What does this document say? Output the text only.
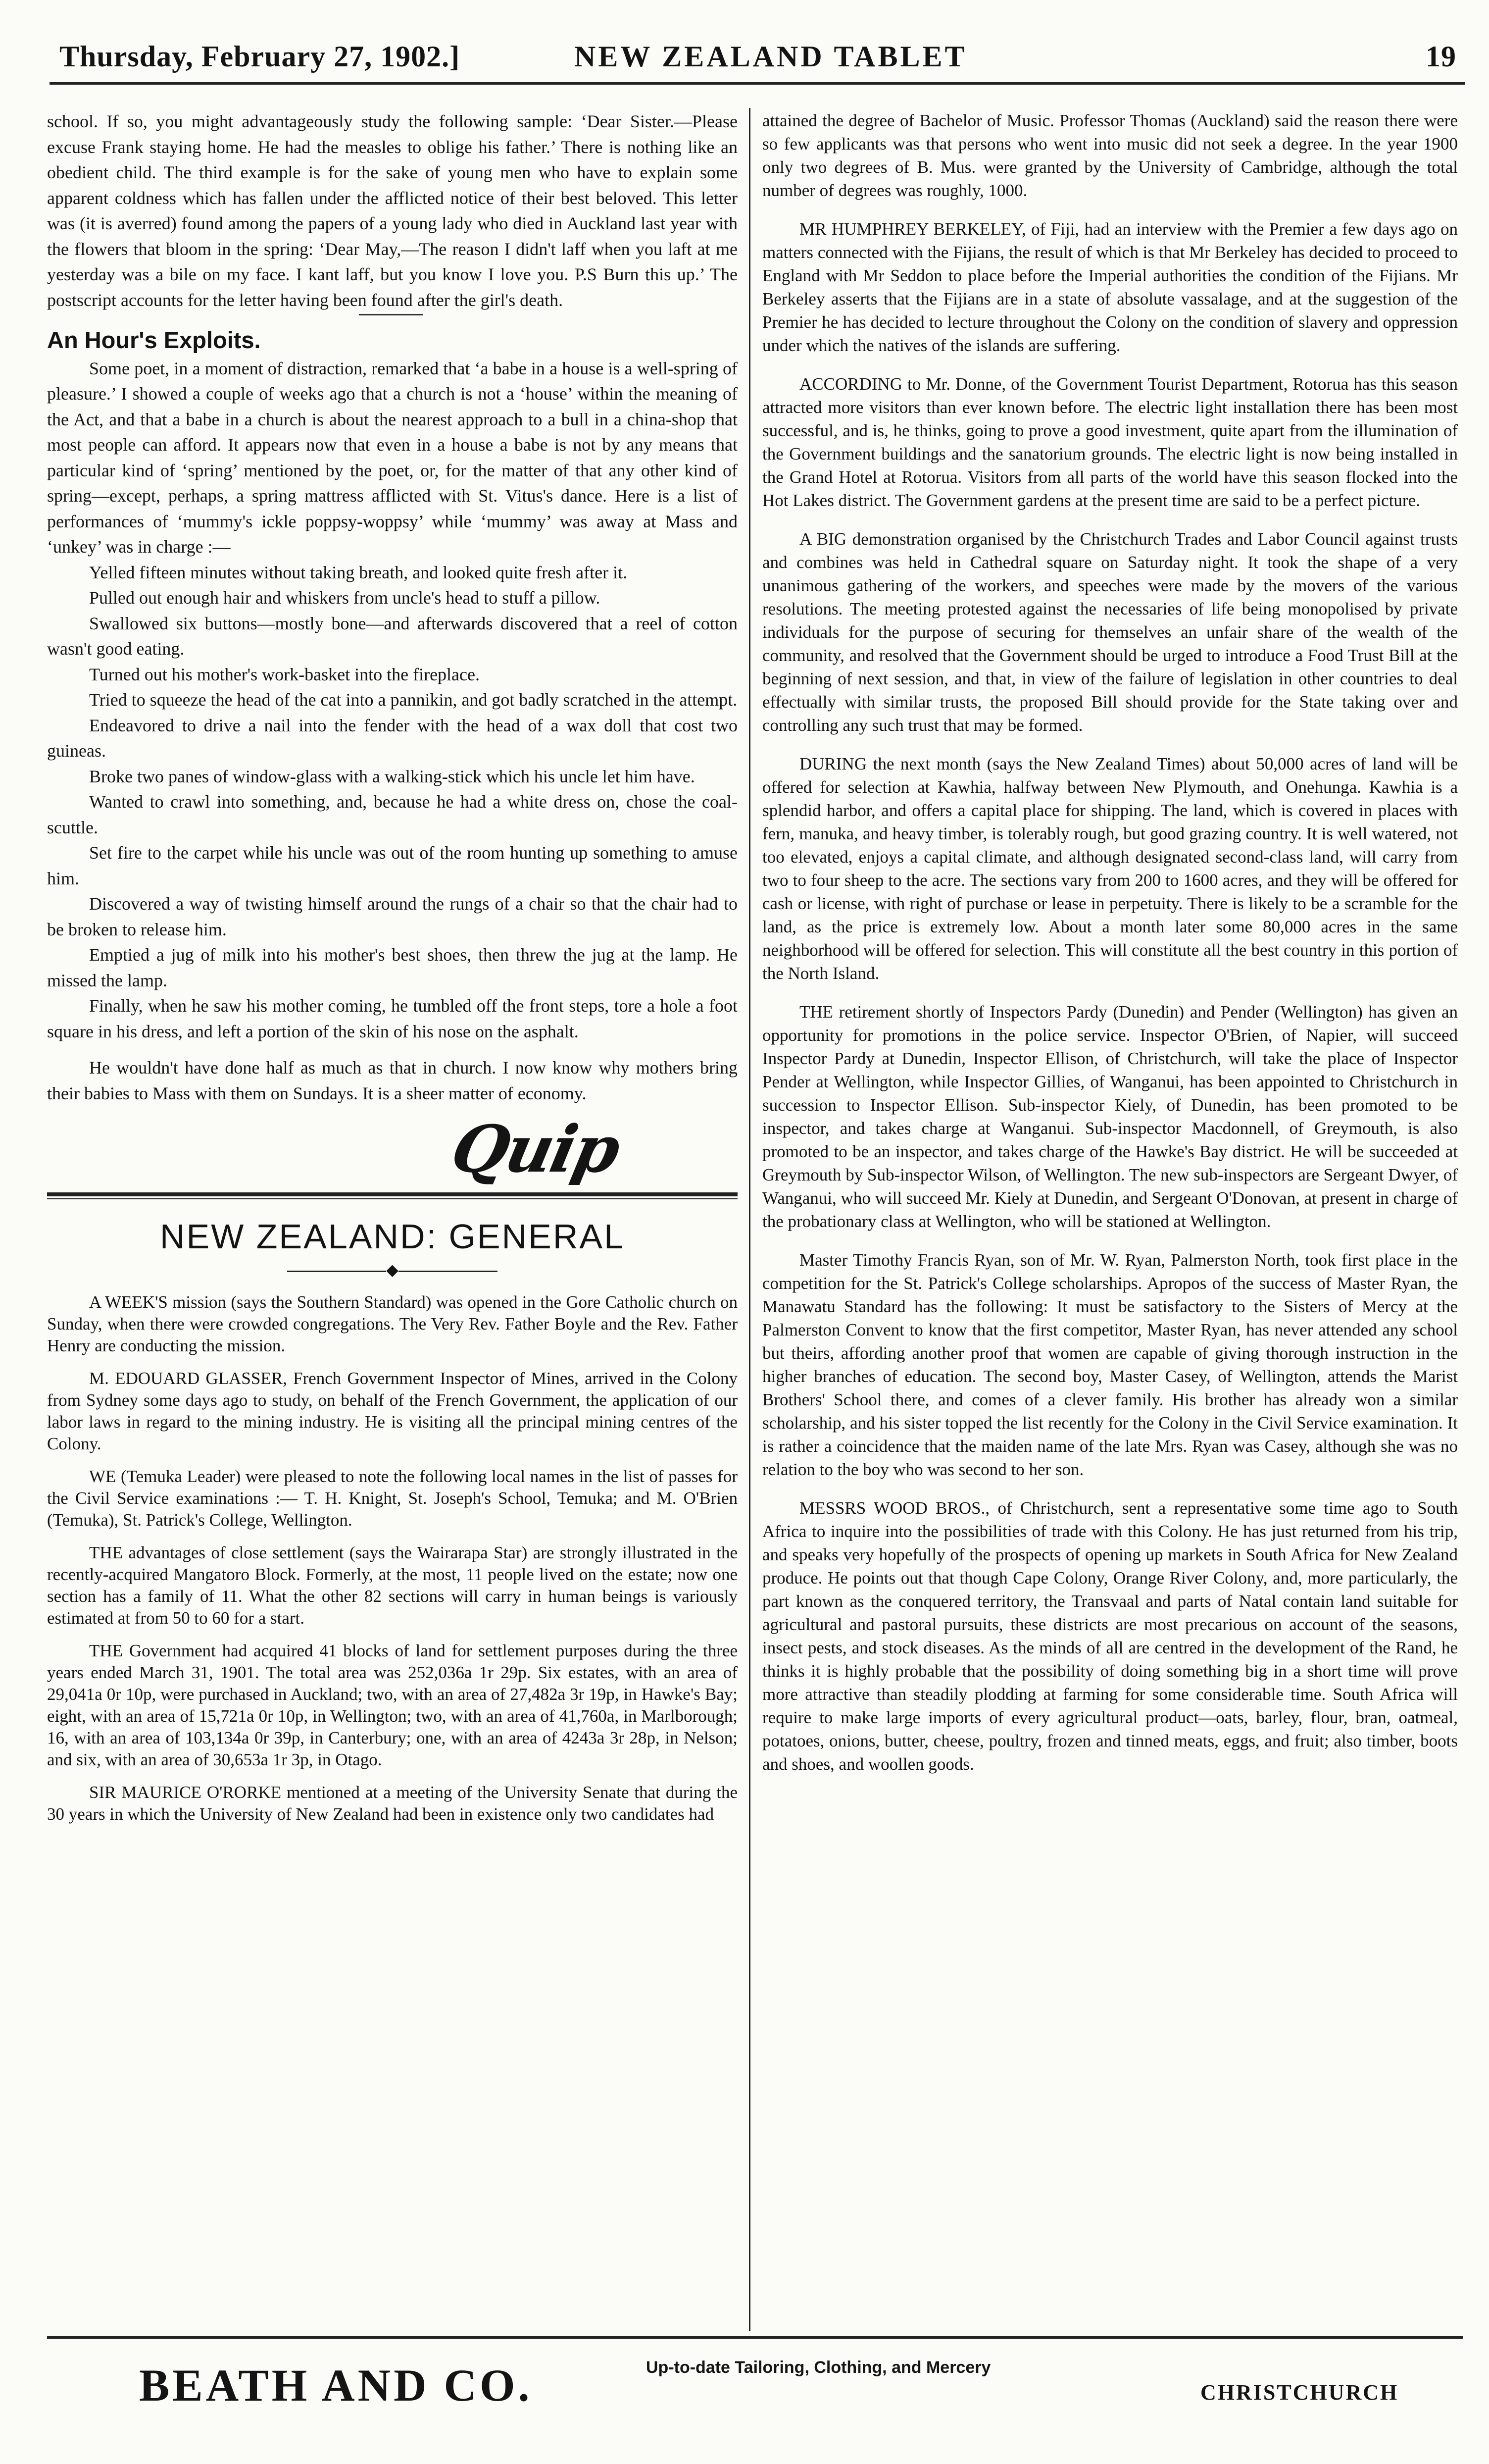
Thursday, February 27, 1902.]	NEW ZEALAND TABLET	19

school. If so, you might advantageously study the following sample: ‘Dear Sister.—Please excuse Frank staying home. He had the measles to oblige his father.’ There is nothing like an obedient child. The third example is for the sake of young men who have to explain some apparent coldness which has fallen under the afflicted notice of their best beloved. This letter was (it is averred) found among the papers of a young lady who died in Auckland last year with the flowers that bloom in the spring: ‘Dear May,—The reason I didn't laff when you laft at me yesterday was a bile on my face. I kant laff, but you know I love you. P.S Burn this up.’ The postscript accounts for the letter having been found after the girl's death.

An Hour's Exploits.

Some poet, in a moment of distraction, remarked that ‘a babe in a house is a well-spring of pleasure.’ I showed a couple of weeks ago that a church is not a ‘house’ within the meaning of the Act, and that a babe in a church is about the nearest approach to a bull in a china-shop that most people can afford. It appears now that even in a house a babe is not by any means that particular kind of ‘spring’ mentioned by the poet, or, for the matter of that any other kind of spring—except, perhaps, a spring mattress afflicted with St. Vitus's dance. Here is a list of performances of ‘mummy's ickle poppsy-woppsy’ while ‘mummy’ was away at Mass and ‘unkey’ was in charge :—

Yelled fifteen minutes without taking breath, and looked quite fresh after it.

Pulled out enough hair and whiskers from uncle's head to stuff a pillow.

Swallowed six buttons—mostly bone—and afterwards discovered that a reel of cotton wasn't good eating.

Turned out his mother's work-basket into the fireplace.

Tried to squeeze the head of the cat into a pannikin, and got badly scratched in the attempt.

Endeavored to drive a nail into the fender with the head of a wax doll that cost two guineas.

Broke two panes of window-glass with a walking-stick which his uncle let him have.

Wanted to crawl into something, and, because he had a white dress on, chose the coal-scuttle.

Set fire to the carpet while his uncle was out of the room hunting up something to amuse him.

Discovered a way of twisting himself around the rungs of a chair so that the chair had to be broken to release him.

Emptied a jug of milk into his mother's best shoes, then threw the jug at the lamp. He missed the lamp.

Finally, when he saw his mother coming, he tumbled off the front steps, tore a hole a foot square in his dress, and left a portion of the skin of his nose on the asphalt.

He wouldn't have done half as much as that in church. I now know why mothers bring their babies to Mass with them on Sundays. It is a sheer matter of economy.

Quip
NEW ZEALAND: GENERAL
◆

A WEEK'S mission (says the Southern Standard) was opened in the Gore Catholic church on Sunday, when there were crowded congregations. The Very Rev. Father Boyle and the Rev. Father Henry are conducting the mission.

M. EDOUARD GLASSER, French Government Inspector of Mines, arrived in the Colony from Sydney some days ago to study, on behalf of the French Government, the application of our labor laws in regard to the mining industry. He is visiting all the principal mining centres of the Colony.

WE (Temuka Leader) were pleased to note the following local names in the list of passes for the Civil Service examinations :— T. H. Knight, St. Joseph's School, Temuka; and M. O'Brien (Temuka), St. Patrick's College, Wellington.

THE advantages of close settlement (says the Wairarapa Star) are strongly illustrated in the recently-acquired Mangatoro Block. Formerly, at the most, 11 people lived on the estate; now one section has a family of 11. What the other 82 sections will carry in human beings is variously estimated at from 50 to 60 for a start.

THE Government had acquired 41 blocks of land for settlement purposes during the three years ended March 31, 1901. The total area was 252,036a 1r 29p. Six estates, with an area of 29,041a 0r 10p, were purchased in Auckland; two, with an area of 27,482a 3r 19p, in Hawke's Bay; eight, with an area of 15,721a 0r 10p, in Wellington; two, with an area of 41,760a, in Marlborough; 16, with an area of 103,134a 0r 39p, in Canterbury; one, with an area of 4243a 3r 28p, in Nelson; and six, with an area of 30,653a 1r 3p, in Otago.

SIR MAURICE O'RORKE mentioned at a meeting of the University Senate that during the 30 years in which the University of New Zealand had been in existence only two candidates had

attained the degree of Bachelor of Music. Professor Thomas (Auckland) said the reason there were so few applicants was that persons who went into music did not seek a degree. In the year 1900 only two degrees of B. Mus. were granted by the University of Cambridge, although the total number of degrees was roughly, 1000.

MR HUMPHREY BERKELEY, of Fiji, had an interview with the Premier a few days ago on matters connected with the Fijians, the result of which is that Mr Berkeley has decided to proceed to England with Mr Seddon to place before the Imperial authorities the condition of the Fijians. Mr Berkeley asserts that the Fijians are in a state of absolute vassalage, and at the suggestion of the Premier he has decided to lecture throughout the Colony on the condition of slavery and oppression under which the natives of the islands are suffering.

ACCORDING to Mr. Donne, of the Government Tourist Department, Rotorua has this season attracted more visitors than ever known before. The electric light installation there has been most successful, and is, he thinks, going to prove a good investment, quite apart from the illumination of the Government buildings and the sanatorium grounds. The electric light is now being installed in the Grand Hotel at Rotorua. Visitors from all parts of the world have this season flocked into the Hot Lakes district. The Government gardens at the present time are said to be a perfect picture.

A BIG demonstration organised by the Christchurch Trades and Labor Council against trusts and combines was held in Cathedral square on Saturday night. It took the shape of a very unanimous gathering of the workers, and speeches were made by the movers of the various resolutions. The meeting protested against the necessaries of life being monopolised by private individuals for the purpose of securing for themselves an unfair share of the wealth of the community, and resolved that the Government should be urged to introduce a Food Trust Bill at the beginning of next session, and that, in view of the failure of legislation in other countries to deal effectually with similar trusts, the proposed Bill should provide for the State taking over and controlling any such trust that may be formed.

DURING the next month (says the New Zealand Times) about 50,000 acres of land will be offered for selection at Kawhia, halfway between New Plymouth, and Onehunga. Kawhia is a splendid harbor, and offers a capital place for shipping. The land, which is covered in places with fern, manuka, and heavy timber, is tolerably rough, but good grazing country. It is well watered, not too elevated, enjoys a capital climate, and although designated second-class land, will carry from two to four sheep to the acre. The sections vary from 200 to 1600 acres, and they will be offered for cash or license, with right of purchase or lease in perpetuity. There is likely to be a scramble for the land, as the price is extremely low. About a month later some 80,000 acres in the same neighborhood will be offered for selection. This will constitute all the best country in this portion of the North Island.

THE retirement shortly of Inspectors Pardy (Dunedin) and Pender (Wellington) has given an opportunity for promotions in the police service. Inspector O'Brien, of Napier, will succeed Inspector Pardy at Dunedin, Inspector Ellison, of Christchurch, will take the place of Inspector Pender at Wellington, while Inspector Gillies, of Wanganui, has been appointed to Christchurch in succession to Inspector Ellison. Sub-inspector Kiely, of Dunedin, has been promoted to be inspector, and takes charge at Wanganui. Sub-inspector Macdonnell, of Greymouth, is also promoted to be an inspector, and takes charge of the Hawke's Bay district. He will be succeeded at Greymouth by Sub-inspector Wilson, of Wellington. The new sub-inspectors are Sergeant Dwyer, of Wanganui, who will succeed Mr. Kiely at Dunedin, and Sergeant O'Donovan, at present in charge of the probationary class at Wellington, who will be stationed at Wellington.

Master Timothy Francis Ryan, son of Mr. W. Ryan, Palmerston North, took first place in the competition for the St. Patrick's College scholarships. Apropos of the success of Master Ryan, the Manawatu Standard has the following: It must be satisfactory to the Sisters of Mercy at the Palmerston Convent to know that the first competitor, Master Ryan, has never attended any school but theirs, affording another proof that women are capable of giving thorough instruction in the higher branches of education. The second boy, Master Casey, of Wellington, attends the Marist Brothers' School there, and comes of a clever family. His brother has already won a similar scholarship, and his sister topped the list recently for the Colony in the Civil Service examination. It is rather a coincidence that the maiden name of the late Mrs. Ryan was Casey, although she was no relation to the boy who was second to her son.

MESSRS WOOD BROS., of Christchurch, sent a representative some time ago to South Africa to inquire into the possibilities of trade with this Colony. He has just returned from his trip, and speaks very hopefully of the prospects of opening up markets in South Africa for New Zealand produce. He points out that though Cape Colony, Orange River Colony, and, more particularly, the part known as the conquered territory, the Transvaal and parts of Natal contain land suitable for agricultural and pastoral pursuits, these districts are most precarious on account of the seasons, insect pests, and stock diseases. As the minds of all are centred in the development of the Rand, he thinks it is highly probable that the possibility of doing something big in a short time will prove more attractive than steadily plodding at farming for some considerable time. South Africa will require to make large imports of every agricultural product—oats, barley, flour, bran, oatmeal, potatoes, onions, butter, cheese, poultry, frozen and tinned meats, eggs, and fruit; also timber, boots and shoes, and woollen goods.

BEATH AND CO.	Up-to-date Tailoring, Clothing, and Mercery
CHRISTCHURCH
